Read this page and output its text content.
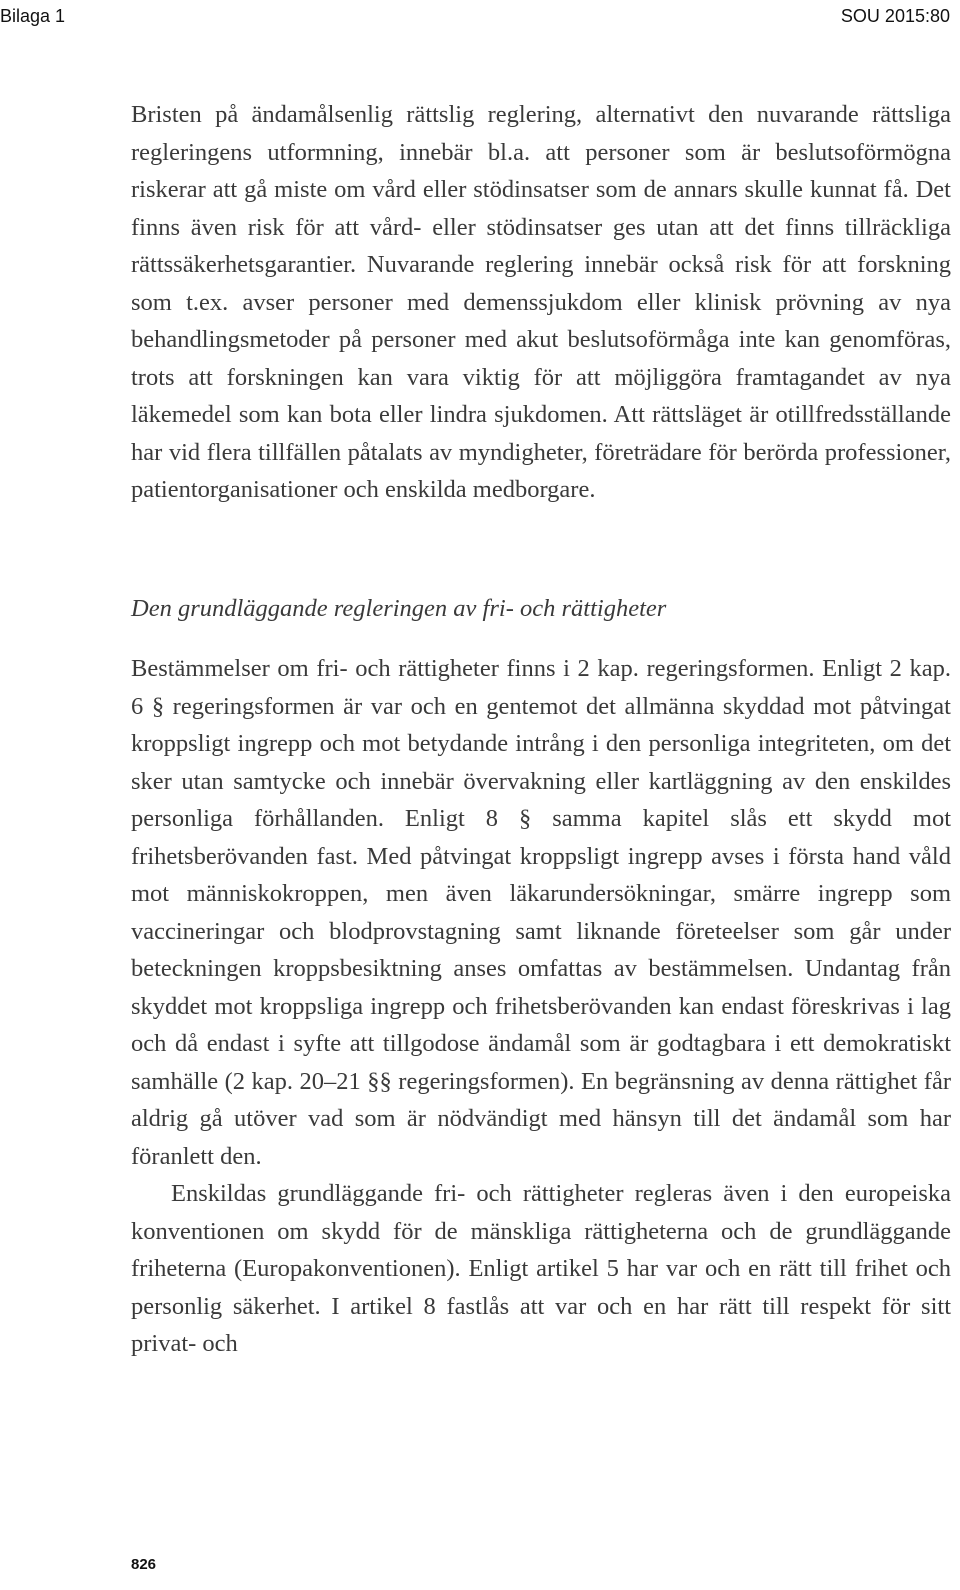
Bilaga 1	SOU 2015:80

Bristen på ändamålsenlig rättslig reglering, alternativt den nuvarande rättsliga regleringens utformning, innebär bl.a. att personer som är beslutsoförmögna riskerar att gå miste om vård eller stödinsatser som de annars skulle kunnat få. Det finns även risk för att vård- eller stödinsatser ges utan att det finns tillräckliga rättssäkerhetsgarantier. Nuvarande reglering innebär också risk för att forskning som t.ex. avser personer med demenssjukdom eller klinisk prövning av nya behandlingsmetoder på personer med akut beslutsoförmåga inte kan genomföras, trots att forskningen kan vara viktig för att möjliggöra framtagandet av nya läkemedel som kan bota eller lindra sjukdomen. Att rättsläget är otillfredsställande har vid flera tillfällen påtalats av myndigheter, företrädare för berörda professioner, patientorganisationer och enskilda medborgare.

Den grundläggande regleringen av fri- och rättigheter

Bestämmelser om fri- och rättigheter finns i 2 kap. regeringsformen. Enligt 2 kap. 6 § regeringsformen är var och en gentemot det allmänna skyddad mot påtvingat kroppsligt ingrepp och mot betydande intrång i den personliga integriteten, om det sker utan samtycke och innebär övervakning eller kartläggning av den enskildes personliga förhållanden. Enligt 8 § samma kapitel slås ett skydd mot frihetsberövanden fast. Med påtvingat kroppsligt ingrepp avses i första hand våld mot människokroppen, men även läkarundersökningar, smärre ingrepp som vaccineringar och blodprovstagning samt liknande företeelser som går under beteckningen kroppsbesiktning anses omfattas av bestämmelsen. Undantag från skyddet mot kroppsliga ingrepp och frihetsberövanden kan endast föreskrivas i lag och då endast i syfte att tillgodose ändamål som är godtagbara i ett demokratiskt samhälle (2 kap. 20–21 §§ regeringsformen). En begränsning av denna rättighet får aldrig gå utöver vad som är nödvändigt med hänsyn till det ändamål som har föranlett den.

Enskildas grundläggande fri- och rättigheter regleras även i den europeiska konventionen om skydd för de mänskliga rättigheterna och de grundläggande friheterna (Europakonventionen). Enligt artikel 5 har var och en rätt till frihet och personlig säkerhet. I artikel 8 fastlås att var och en har rätt till respekt för sitt privat- och

826
